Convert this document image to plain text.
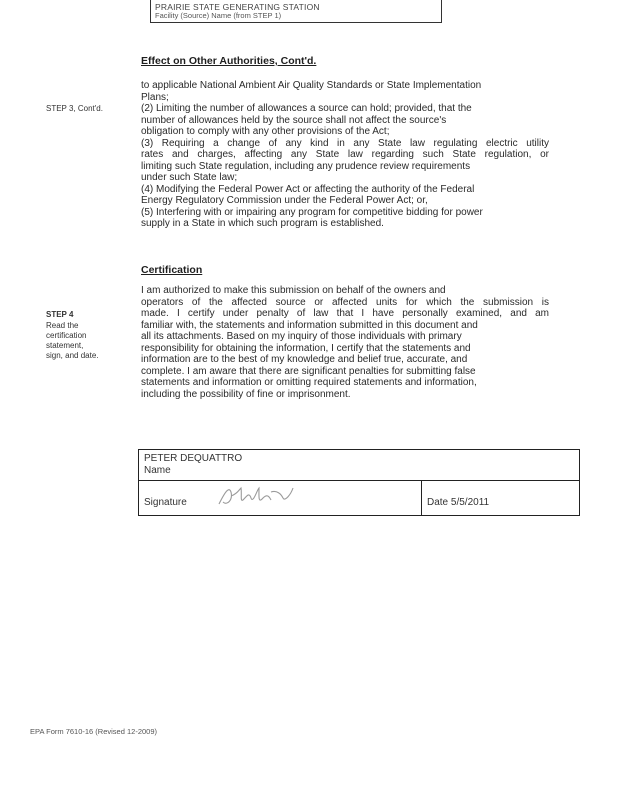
PRAIRIE STATE GENERATING STATION
Facility (Source) Name (from STEP 1)
Effect on Other Authorities, Cont'd.
STEP 3, Cont'd.
to applicable National Ambient Air Quality Standards or State Implementation
Plans;
(2) Limiting the number of allowances a source can hold; provided, that the
number of allowances held by the source shall not affect the source's
obligation to comply with any other provisions of the Act;
(3) Requiring a change of any kind in any State law regulating electric utility
rates and charges, affecting any State law regarding such State regulation, or
limiting such State regulation, including any prudence review requirements
under such State law;
(4) Modifying the Federal Power Act or affecting the authority of the Federal
Energy Regulatory Commission under the Federal Power Act; or,
(5) Interfering with or impairing any program for competitive bidding for power
supply in a State in which such program is established.
Certification
STEP 4
Read the
certification
statement,
sign, and date.
I am authorized to make this submission on behalf of the owners and
operators of the affected source or affected units for which the submission is
made. I certify under penalty of law that I have personally examined, and am
familiar with, the statements and information submitted in this document and
all its attachments. Based on my inquiry of those individuals with primary
responsibility for obtaining the information, I certify that the statements and
information are to the best of my knowledge and belief true, accurate, and
complete. I am aware that there are significant penalties for submitting false
statements and information or omitting required statements and information,
including the possibility of fine or imprisonment.
PETER DEQUATTRO
Name
Signature	Date 5/5/2011
EPA Form 7610-16 (Revised 12-2009)
